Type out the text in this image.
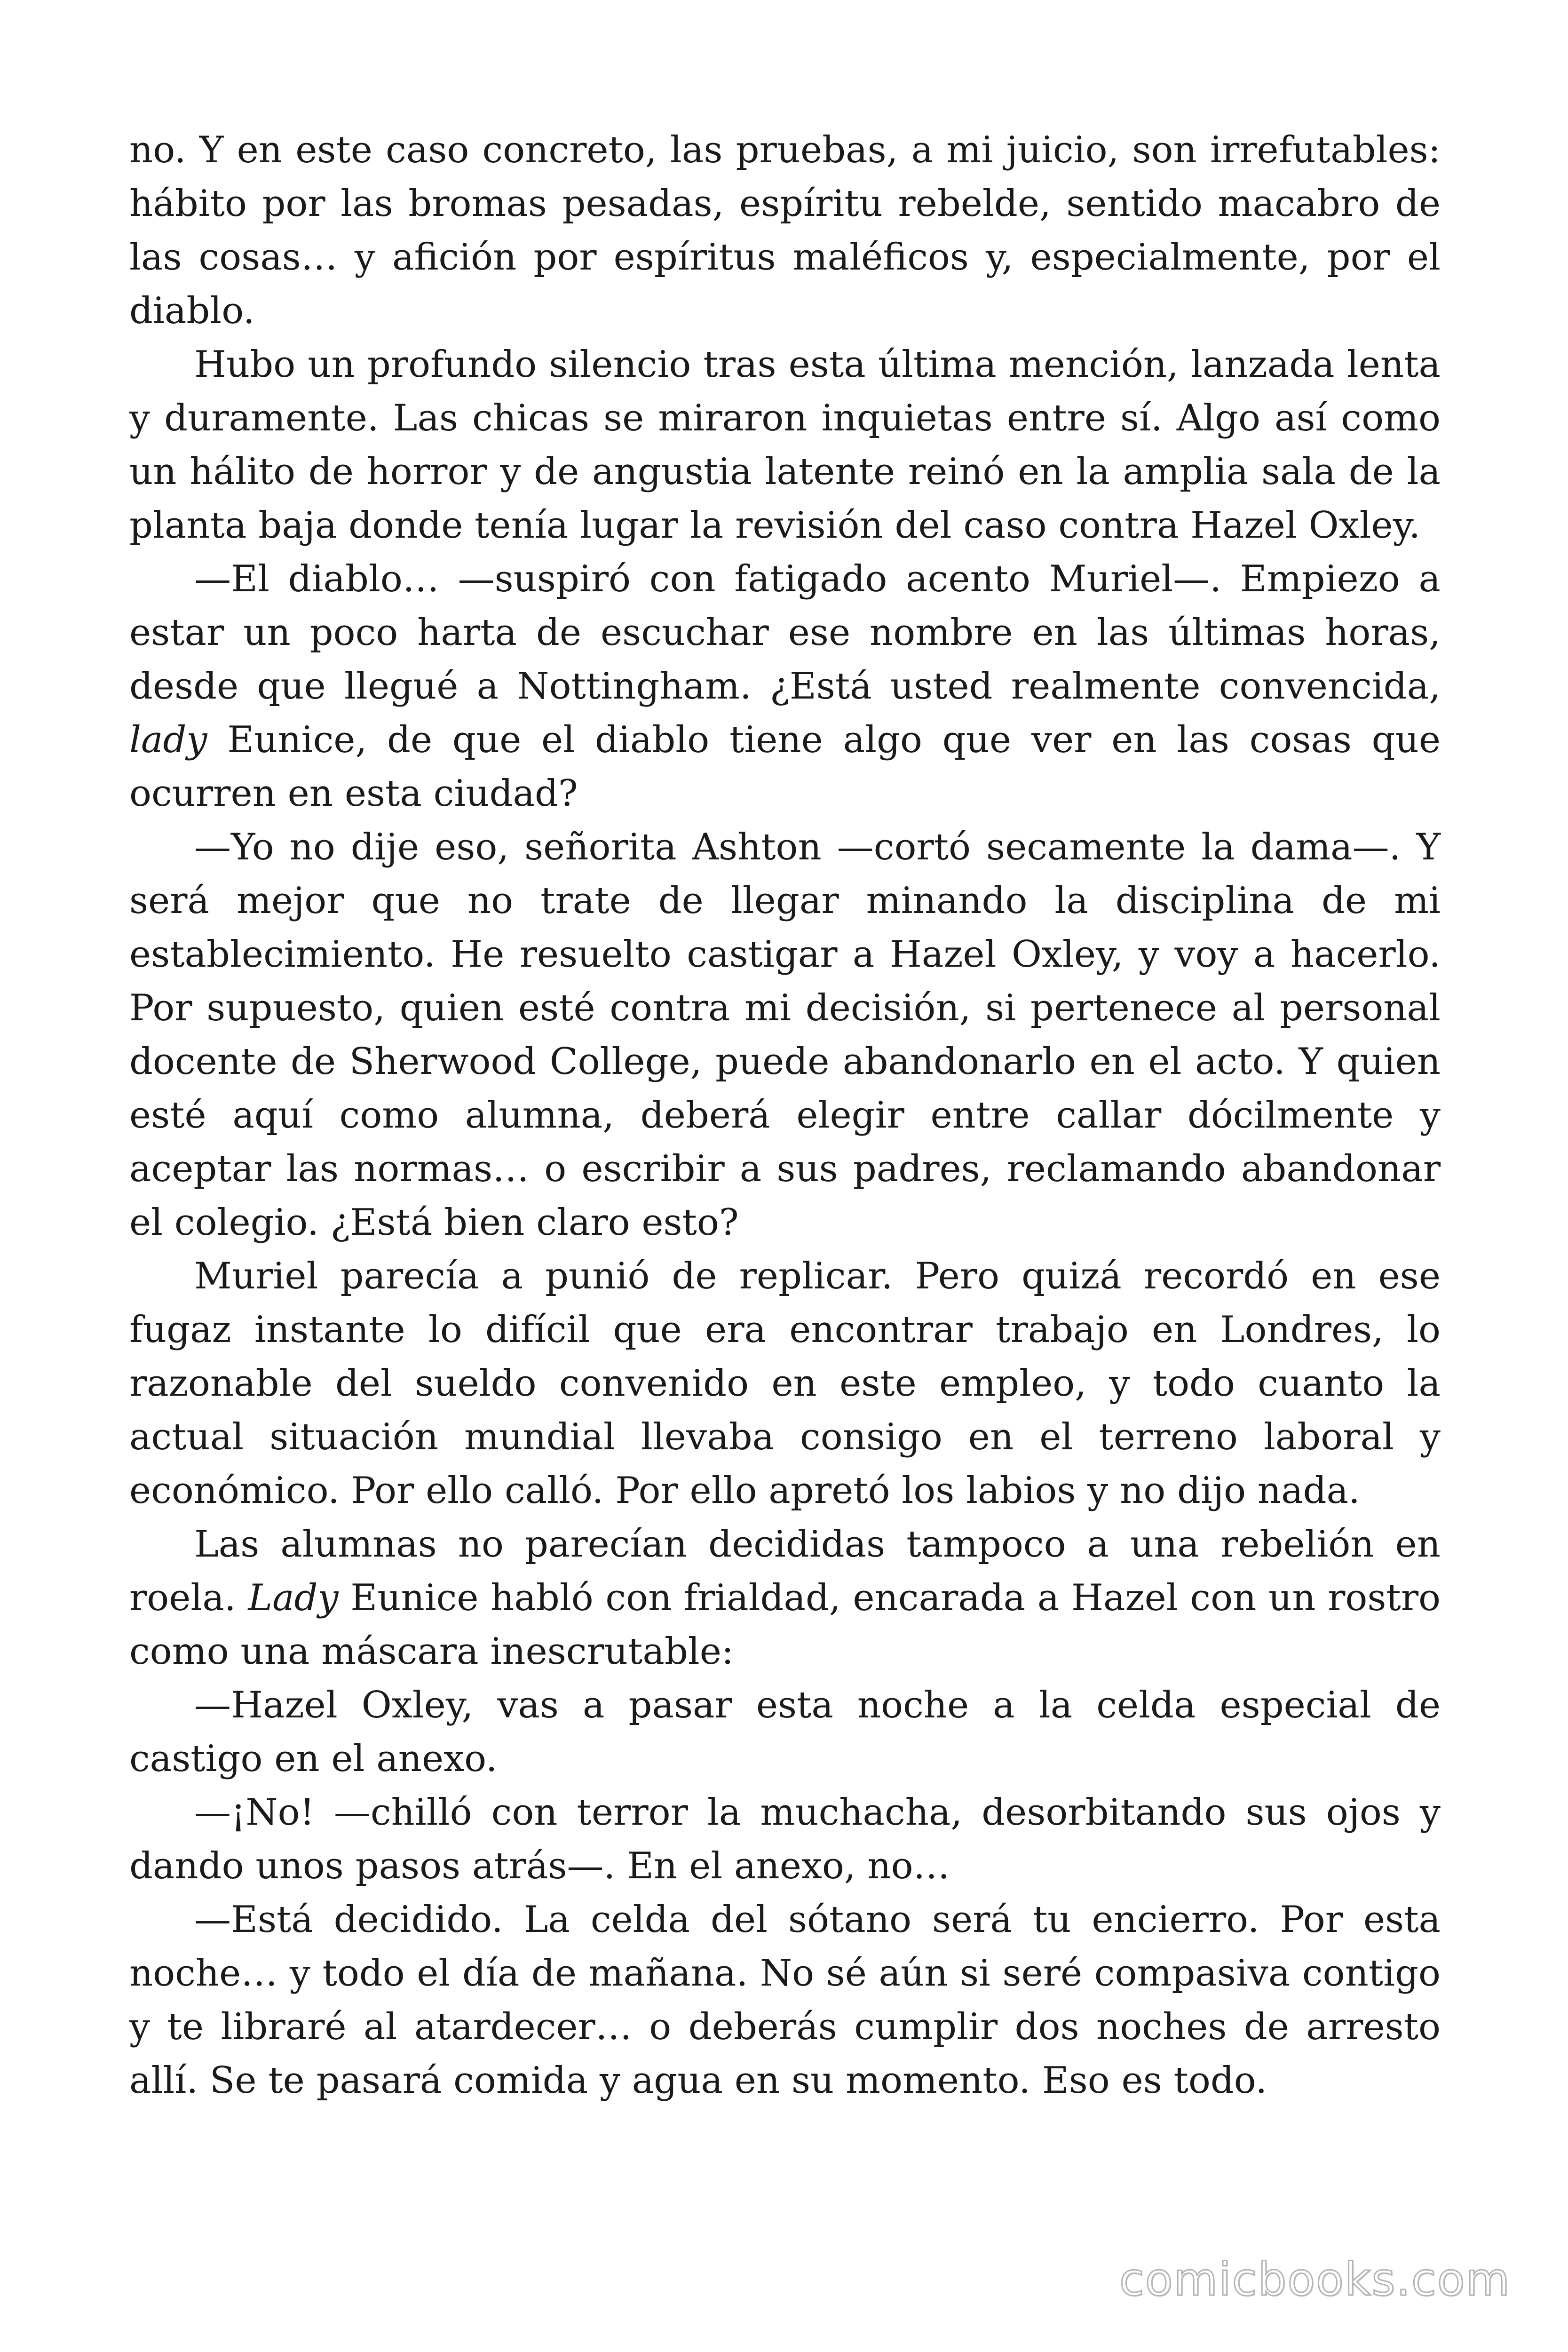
no. Y en este caso concreto, las pruebas, a mi juicio, son irrefutables: hábito por las bromas pesadas, espíritu rebelde, sentido macabro de las cosas… y afición por espíritus maléficos y, especialmente, por el diablo.

Hubo un profundo silencio tras esta última mención, lanzada lenta y duramente. Las chicas se miraron inquietas entre sí. Algo así como un hálito de horror y de angustia latente reinó en la amplia sala de la planta baja donde tenía lugar la revisión del caso contra Hazel Oxley.

—El diablo… —suspiró con fatigado acento Muriel—. Empiezo a estar un poco harta de escuchar ese nombre en las últimas horas, desde que llegué a Nottingham. ¿Está usted realmente convencida, lady Eunice, de que el diablo tiene algo que ver en las cosas que ocurren en esta ciudad?

—Yo no dije eso, señorita Ashton —cortó secamente la dama—. Y será mejor que no trate de llegar minando la disciplina de mi establecimiento. He resuelto castigar a Hazel Oxley, y voy a hacerlo. Por supuesto, quien esté contra mi decisión, si pertenece al personal docente de Sherwood College, puede abandonarlo en el acto. Y quien esté aquí como alumna, deberá elegir entre callar dócilmente y aceptar las normas… o escribir a sus padres, reclamando abandonar el colegio. ¿Está bien claro esto?

Muriel parecía a punió de replicar. Pero quizá recordó en ese fugaz instante lo difícil que era encontrar trabajo en Londres, lo razonable del sueldo convenido en este empleo, y todo cuanto la actual situación mundial llevaba consigo en el terreno laboral y económico. Por ello calló. Por ello apretó los labios y no dijo nada.

Las alumnas no parecían decididas tampoco a una rebelión en roela. Lady Eunice habló con frialdad, encarada a Hazel con un rostro como una máscara inescrutable:

—Hazel Oxley, vas a pasar esta noche a la celda especial de castigo en el anexo.

—¡No! —chilló con terror la muchacha, desorbitando sus ojos y dando unos pasos atrás—. En el anexo, no…

—Está decidido. La celda del sótano será tu encierro. Por esta noche… y todo el día de mañana. No sé aún si seré compasiva contigo y te libraré al atardecer… o deberás cumplir dos noches de arresto allí. Se te pasará comida y agua en su momento. Eso es todo.

comicbooks.com
